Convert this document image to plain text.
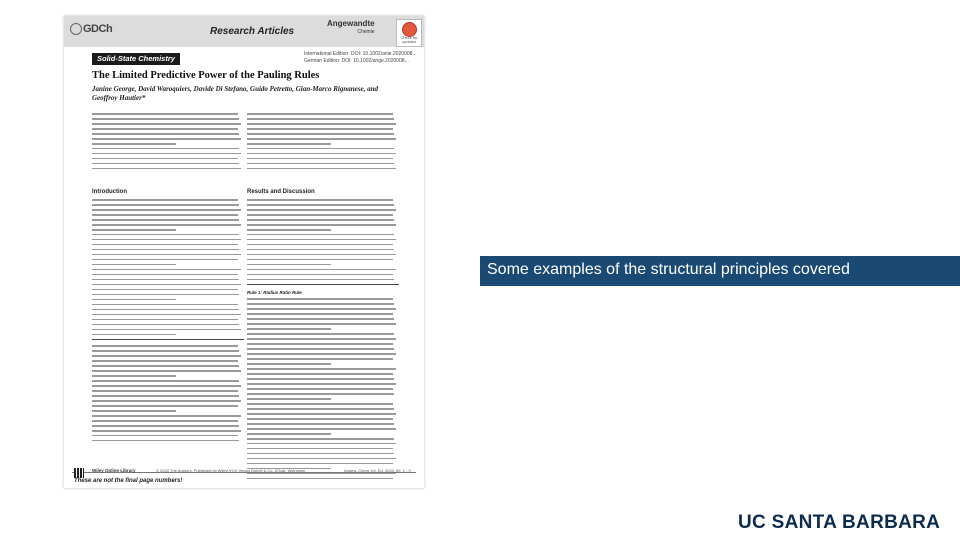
GDCh	Research Articles
Angewandte
Chemie
Check for updates
Solid-State Chemistry	International Edition: DOI: 10.1002/anie.2020008...
German Edition: DOI: 10.1002/ange.2020008...
The Limited Predictive Power of the Pauling Rules
Janine George, David Waroquiers, Davide Di Stefano, Guido Petretto, Gian-Marco Rignanese, and Geoffroy Hautier*
Introduction	Results and Discussion
Rule 1: Radius Ratio Rule
Wiley Online Library	© 2020 The Authors. Published by Wiley-VCH Verlag GmbH & Co. KGaA, Weinheim	Angew. Chem. Int. Ed. 2020, 59, 1 - 9
These are not the final page numbers!
Some examples of the structural principles covered
UC SANTA BARBARA
